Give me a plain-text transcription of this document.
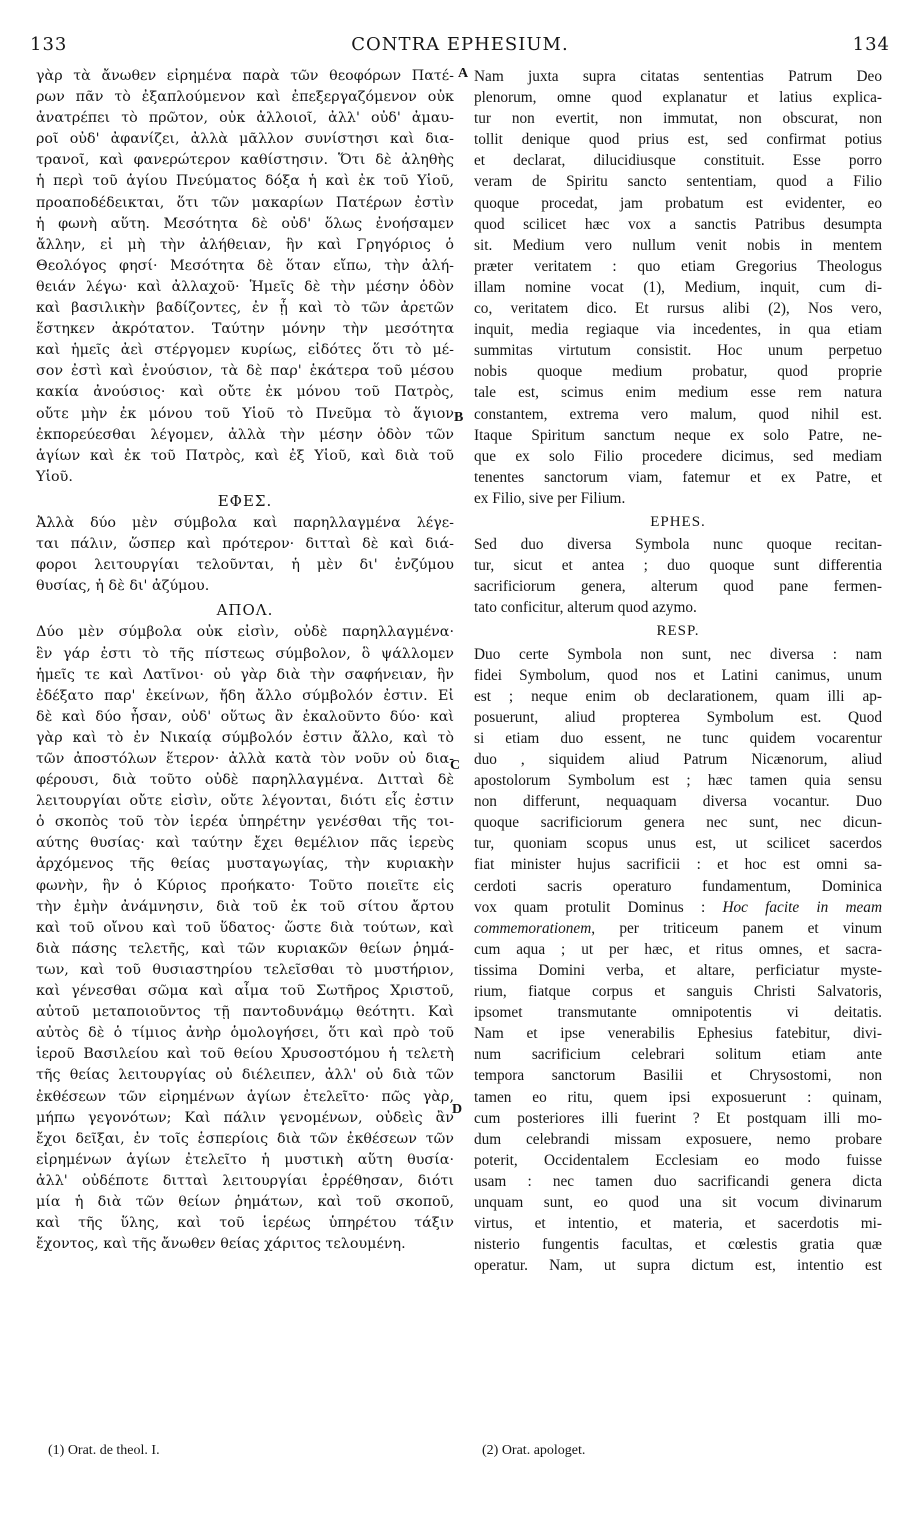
133	CONTRA EPHESIUM.	134

γὰρ τὰ ἄνωθεν εἰρημένα παρὰ τῶν θεοφόρων Πατέ-

ρων πᾶν τὸ ἐξαπλούμενον καὶ ἐπεξεργαζόμενον οὐκ

ἀνατρέπει τὸ πρῶτον, οὐκ ἀλλοιοῖ, ἀλλ' οὐδ' ἀμαυ-

ροῖ οὐδ' ἀφανίζει, ἀλλὰ μᾶλλον συνίστησι καὶ δια-

τρανοῖ, καὶ φανερώτερον καθίστησιν. Ὅτι δὲ ἀληθὴς

ἡ περὶ τοῦ ἁγίου Πνεύματος δόξα ἡ καὶ ἐκ τοῦ Υἱοῦ,

προαποδέδεικται, ὅτι τῶν μακαρίων Πατέρων ἐστὶν

ἡ φωνὴ αὕτη. Μεσότητα δὲ οὐδ' ὅλως ἐνοήσαμεν

ἄλλην, εἰ μὴ τὴν ἀλήθειαν, ἣν καὶ Γρηγόριος ὁ

Θεολόγος φησί· Μεσότητα δὲ ὅταν εἴπω, τὴν ἀλή-

θειάν λέγω· καὶ ἀλλαχοῦ· Ἡμεῖς δὲ τὴν μέσην ὁδὸν

καὶ βασιλικὴν βαδίζοντες, ἐν ᾗ καὶ τὸ τῶν ἀρετῶν

ἕστηκεν ἀκρότατον. Ταύτην μόνην τὴν μεσότητα

καὶ ἡμεῖς ἀεὶ στέργομεν κυρίως, εἰδότες ὅτι τὸ μέ-

σον ἐστὶ καὶ ἐνούσιον, τὰ δὲ παρ' ἑκάτερα τοῦ μέσου

κακία ἀνούσιος· καὶ οὔτε ἐκ μόνου τοῦ Πατρὸς,

οὔτε μὴν ἐκ μόνου τοῦ Υἱοῦ τὸ Πνεῦμα τὸ ἅγιον

ἐκπορεύεσθαι λέγομεν, ἀλλὰ τὴν μέσην ὁδὸν τῶν

ἁγίων καὶ ἐκ τοῦ Πατρὸς, καὶ ἐξ Υἱοῦ, καὶ διὰ τοῦ

Υἱοῦ.

ΕΦΕΣ.

Ἀλλὰ δύο μὲν σύμβολα καὶ παρηλλαγμένα λέγε-

ται πάλιν, ὥσπερ καὶ πρότερον· διτταὶ δὲ καὶ διά-

φοροι λειτουργίαι τελοῦνται, ἡ μὲν δι' ἐνζύμου

θυσίας, ἡ δὲ δι' ἀζύμου.

ΑΠΟΛ.

Δύο μὲν σύμβολα οὐκ εἰσὶν, οὐδὲ παρηλλαγμένα·

ἓν γάρ ἐστι τὸ τῆς πίστεως σύμβολον, ὃ ψάλλομεν

ἡμεῖς τε καὶ Λατῖνοι· οὐ γὰρ διὰ τὴν σαφήνειαν, ἣν

ἐδέξατο παρ' ἐκείνων, ἤδη ἄλλο σύμβολόν ἐστιν. Εἰ

δὲ καὶ δύο ἦσαν, οὐδ' οὕτως ἂν ἐκαλοῦντο δύο· καὶ

γὰρ καὶ τὸ ἐν Νικαίᾳ σύμβολόν ἐστιν ἄλλο, καὶ τὸ

τῶν ἀποστόλων ἕτερον· ἀλλὰ κατὰ τὸν νοῦν οὐ δια-

φέρουσι, διὰ τοῦτο οὐδὲ παρηλλαγμένα. Διτταὶ δὲ

λειτουργίαι οὔτε εἰσὶν, οὔτε λέγονται, διότι εἷς ἐστιν

ὁ σκοπὸς τοῦ τὸν ἱερέα ὑπηρέτην γενέσθαι τῆς τοι-

αύτης θυσίας· καὶ ταύτην ἔχει θεμέλιον πᾶς ἱερεὺς

ἀρχόμενος τῆς θείας μυσταγωγίας, τὴν κυριακὴν

φωνὴν, ἣν ὁ Κύριος προήκατο· Τοῦτο ποιεῖτε εἰς

τὴν ἐμὴν ἀνάμνησιν, διὰ τοῦ ἐκ τοῦ σίτου ἄρτου

καὶ τοῦ οἴνου καὶ τοῦ ὕδατος· ὥστε διὰ τούτων, καὶ

διὰ πάσης τελετῆς, καὶ τῶν κυριακῶν θείων ῥημά-

των, καὶ τοῦ θυσιαστηρίου τελεῖσθαι τὸ μυστήριον,

καὶ γένεσθαι σῶμα καὶ αἷμα τοῦ Σωτῆρος Χριστοῦ,

αὐτοῦ μεταποιοῦντος τῇ παντοδυνάμῳ θεότητι. Καὶ

αὐτὸς δὲ ὁ τίμιος ἀνὴρ ὁμολογήσει, ὅτι καὶ πρὸ τοῦ

ἱεροῦ Βασιλείου καὶ τοῦ θείου Χρυσοστόμου ἡ τελετὴ

τῆς θείας λειτουργίας οὐ διέλειπεν, ἀλλ' οὐ διὰ τῶν

ἐκθέσεων τῶν εἰρημένων ἁγίων ἐτελεῖτο· πῶς γὰρ,

μήπω γεγονότων; Καὶ πάλιν γενομένων, οὐδεὶς ἂν

ἔχοι δεῖξαι, ἐν τοῖς ἑσπερίοις διὰ τῶν ἐκθέσεων τῶν

εἰρημένων ἁγίων ἐτελεῖτο ἡ μυστικὴ αὕτη θυσία·

ἀλλ' οὐδέποτε διτταὶ λειτουργίαι ἐρρέθησαν, διότι

μία ἡ διὰ τῶν θείων ῥημάτων, καὶ τοῦ σκοποῦ,

καὶ τῆς ὕλης, καὶ τοῦ ἱερέως ὑπηρέτου τάξιν

ἔχοντος, καὶ τῆς ἄνωθεν θείας χάριτος τελουμένη.

Nam juxta supra citatas sententias Patrum Deo

plenorum, omne quod explanatur et latius explica-

tur non evertit, non immutat, non obscurat, non

tollit denique quod prius est, sed confirmat potius

et declarat, dilucidiusque constituit. Esse porro

veram de Spiritu sancto sententiam, quod a Filio

quoque procedat, jam probatum est evidenter, eo

quod scilicet hæc vox a sanctis Patribus desumpta

sit. Medium vero nullum venit nobis in mentem

præter veritatem : quo etiam Gregorius Theologus

illam nomine vocat (1), Medium, inquit, cum di-

co, veritatem dico. Et rursus alibi (2), Nos vero,

inquit, media regiaque via incedentes, in qua etiam

summitas virtutum consistit. Hoc unum perpetuo

nobis quoque medium probatur, quod proprie

tale est, scimus enim medium esse rem natura

constantem, extrema vero malum, quod nihil est.

Itaque Spiritum sanctum neque ex solo Patre, ne-

que ex solo Filio procedere dicimus, sed mediam

tenentes sanctorum viam, fatemur et ex Patre, et

ex Filio, sive per Filium.

EPHES.

Sed duo diversa Symbola nunc quoque recitan-

tur, sicut et antea ; duo quoque sunt differentia

sacrificiorum genera, alterum quod pane fermen-

tato conficitur, alterum quod azymo.

RESP.

Duo certe Symbola non sunt, nec diversa : nam

fidei Symbolum, quod nos et Latini canimus, unum

est ; neque enim ob declarationem, quam illi ap-

posuerunt, aliud propterea Symbolum est. Quod

si etiam duo essent, ne tunc quidem vocarentur

duo , siquidem aliud Patrum Nicænorum, aliud

apostolorum Symbolum est ; hæc tamen quia sensu

non differunt, nequaquam diversa vocantur. Duo

quoque sacrificiorum genera nec sunt, nec dicun-

tur, quoniam scopus unus est, ut scilicet sacerdos

fiat minister hujus sacrificii : et hoc est omni sa-

cerdoti sacris operaturo fundamentum, Dominica

vox quam protulit Dominus : Hoc facite in meam

commemorationem, per triticeum panem et vinum

cum aqua ; ut per hæc, et ritus omnes, et sacra-

tissima Domini verba, et altare, perficiatur myste-

rium, fiatque corpus et sanguis Christi Salvatoris,

ipsomet transmutante omnipotentis vi deitatis.

Nam et ipse venerabilis Ephesius fatebitur, divi-

num sacrificium celebrari solitum etiam ante

tempora sanctorum Basilii et Chrysostomi, non

tamen eo ritu, quem ipsi exposuerunt : quinam,

cum posteriores illi fuerint ? Et postquam illi mo-

dum celebrandi missam exposuere, nemo probare

poterit, Occidentalem Ecclesiam eo modo fuisse

usam : nec tamen duo sacrificandi genera dicta

unquam sunt, eo quod una sit vocum divinarum

virtus, et intentio, et materia, et sacerdotis mi-

nisterio fungentis facultas, et cœlestis gratia quæ

operatur. Nam, ut supra dictum est, intentio est

A
B
C
D
(1) Orat. de theol. I.	(2) Orat. apologet.
